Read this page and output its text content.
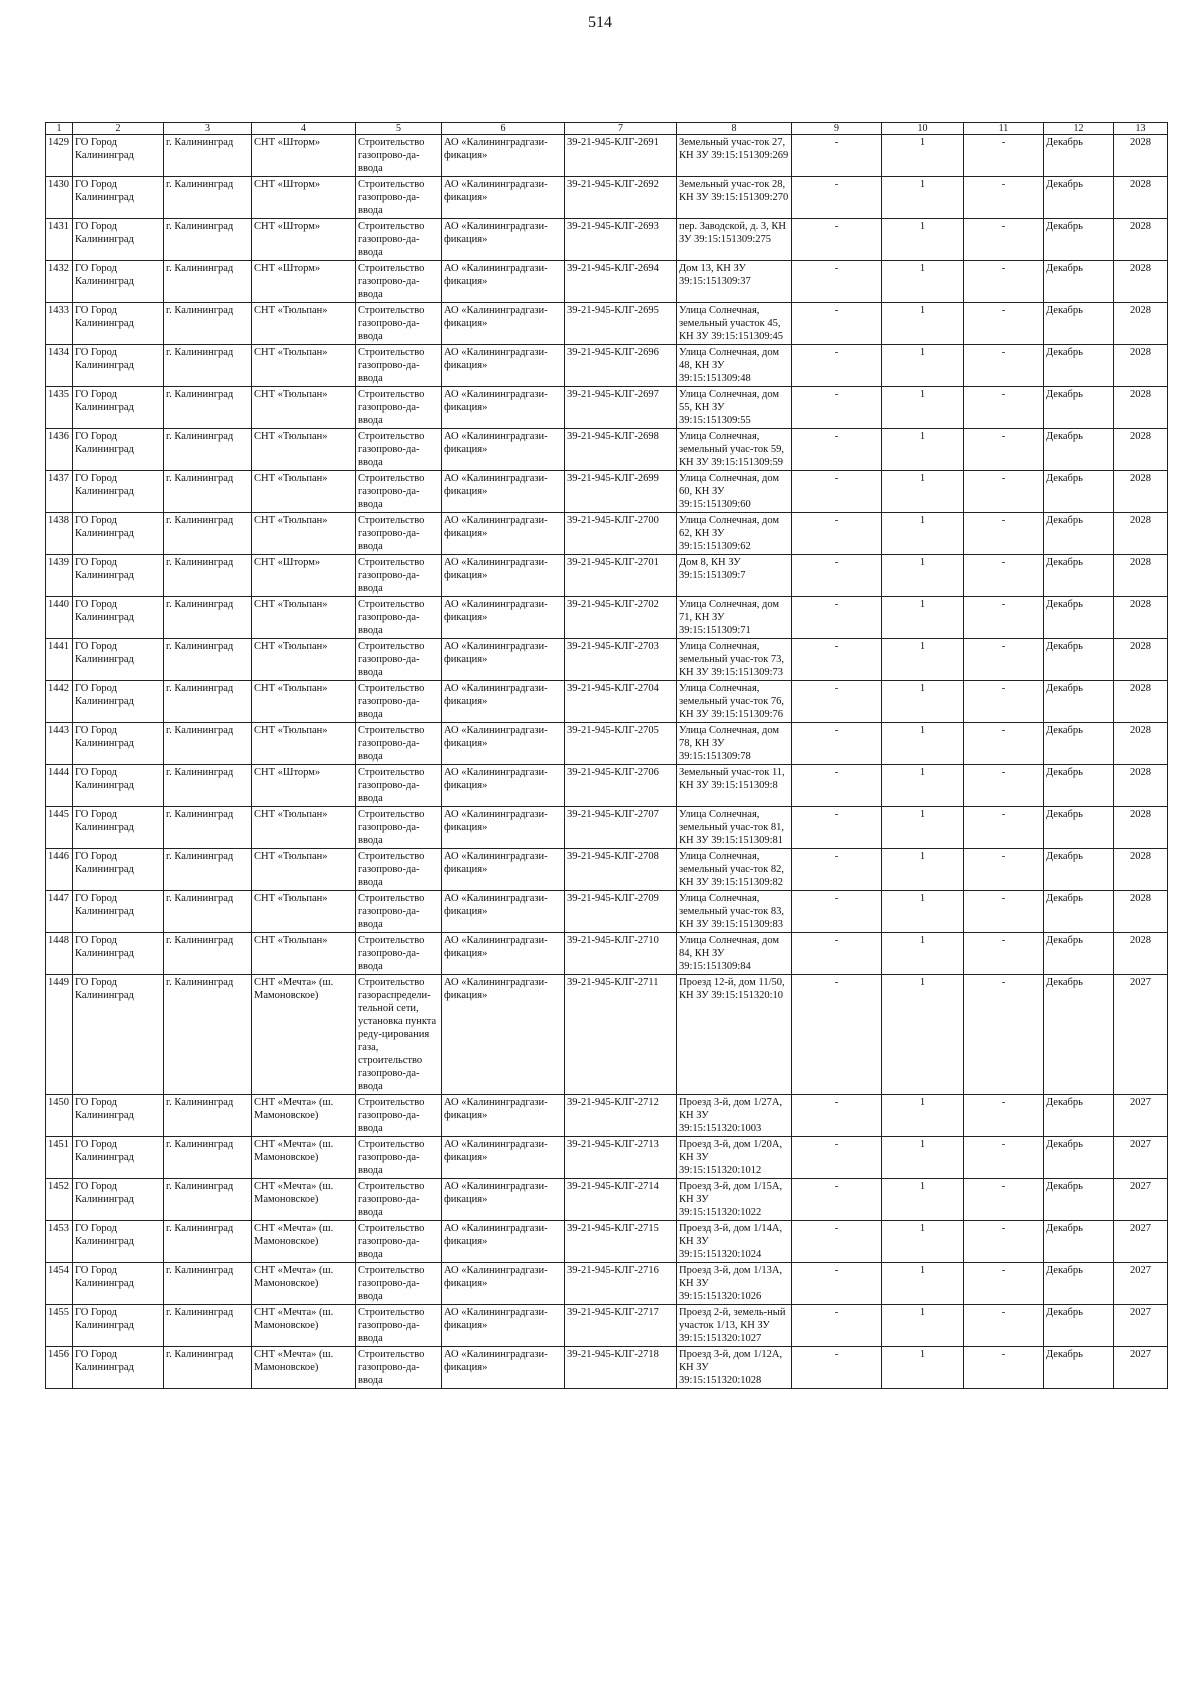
514
1	2	3	4	5	6	7	8	9	10	11	12	13
1429	ГО Город Калининград	г. Калининград	СНТ «Шторм»	Строительство газопрово-да-ввода	АО «Калининградгази-фикация»	39-21-945-КЛГ-2691	Земельный учас-ток 27, КН ЗУ 39:15:151309:269	-	1	-	Декабрь	2028
1430	ГО Город Калининград	г. Калининград	СНТ «Шторм»	Строительство газопрово-да-ввода	АО «Калининградгази-фикация»	39-21-945-КЛГ-2692	Земельный учас-ток 28, КН ЗУ 39:15:151309:270	-	1	-	Декабрь	2028
1431	ГО Город Калининград	г. Калининград	СНТ «Шторм»	Строительство газопрово-да-ввода	АО «Калининградгази-фикация»	39-21-945-КЛГ-2693	пер. Заводской, д. 3, КН ЗУ 39:15:151309:275	-	1	-	Декабрь	2028
1432	ГО Город Калининград	г. Калининград	СНТ «Шторм»	Строительство газопрово-да-ввода	АО «Калининградгази-фикация»	39-21-945-КЛГ-2694	Дом 13, КН ЗУ 39:15:151309:37	-	1	-	Декабрь	2028
1433	ГО Город Калининград	г. Калининград	СНТ «Тюльпан»	Строительство газопрово-да-ввода	АО «Калининградгази-фикация»	39-21-945-КЛГ-2695	Улица Солнечная, земельный участок 45, КН ЗУ 39:15:151309:45	-	1	-	Декабрь	2028
1434	ГО Город Калининград	г. Калининград	СНТ «Тюльпан»	Строительство газопрово-да-ввода	АО «Калининградгази-фикация»	39-21-945-КЛГ-2696	Улица Солнечная, дом 48, КН ЗУ 39:15:151309:48	-	1	-	Декабрь	2028
1435	ГО Город Калининград	г. Калининград	СНТ «Тюльпан»	Строительство газопрово-да-ввода	АО «Калининградгази-фикация»	39-21-945-КЛГ-2697	Улица Солнечная, дом 55, КН ЗУ 39:15:151309:55	-	1	-	Декабрь	2028
1436	ГО Город Калининград	г. Калининград	СНТ «Тюльпан»	Строительство газопрово-да-ввода	АО «Калининградгази-фикация»	39-21-945-КЛГ-2698	Улица Солнечная, земельный учас-ток 59, КН ЗУ 39:15:151309:59	-	1	-	Декабрь	2028
1437	ГО Город Калининград	г. Калининград	СНТ «Тюльпан»	Строительство газопрово-да-ввода	АО «Калининградгази-фикация»	39-21-945-КЛГ-2699	Улица Солнечная, дом 60, КН ЗУ 39:15:151309:60	-	1	-	Декабрь	2028
1438	ГО Город Калининград	г. Калининград	СНТ «Тюльпан»	Строительство газопрово-да-ввода	АО «Калининградгази-фикация»	39-21-945-КЛГ-2700	Улица Солнечная, дом 62, КН ЗУ 39:15:151309:62	-	1	-	Декабрь	2028
1439	ГО Город Калининград	г. Калининград	СНТ «Шторм»	Строительство газопрово-да-ввода	АО «Калининградгази-фикация»	39-21-945-КЛГ-2701	Дом 8, КН ЗУ 39:15:151309:7	-	1	-	Декабрь	2028
1440	ГО Город Калининград	г. Калининград	СНТ «Тюльпан»	Строительство газопрово-да-ввода	АО «Калининградгази-фикация»	39-21-945-КЛГ-2702	Улица Солнечная, дом 71, КН ЗУ 39:15:151309:71	-	1	-	Декабрь	2028
1441	ГО Город Калининград	г. Калининград	СНТ «Тюльпан»	Строительство газопрово-да-ввода	АО «Калининградгази-фикация»	39-21-945-КЛГ-2703	Улица Солнечная, земельный учас-ток 73, КН ЗУ 39:15:151309:73	-	1	-	Декабрь	2028
1442	ГО Город Калининград	г. Калининград	СНТ «Тюльпан»	Строительство газопрово-да-ввода	АО «Калининградгази-фикация»	39-21-945-КЛГ-2704	Улица Солнечная, земельный учас-ток 76, КН ЗУ 39:15:151309:76	-	1	-	Декабрь	2028
1443	ГО Город Калининград	г. Калининград	СНТ «Тюльпан»	Строительство газопрово-да-ввода	АО «Калининградгази-фикация»	39-21-945-КЛГ-2705	Улица Солнечная, дом 78, КН ЗУ 39:15:151309:78	-	1	-	Декабрь	2028
1444	ГО Город Калининград	г. Калининград	СНТ «Шторм»	Строительство газопрово-да-ввода	АО «Калининградгази-фикация»	39-21-945-КЛГ-2706	Земельный учас-ток 11, КН ЗУ 39:15:151309:8	-	1	-	Декабрь	2028
1445	ГО Город Калининград	г. Калининград	СНТ «Тюльпан»	Строительство газопрово-да-ввода	АО «Калининградгази-фикация»	39-21-945-КЛГ-2707	Улица Солнечная, земельный учас-ток 81, КН ЗУ 39:15:151309:81	-	1	-	Декабрь	2028
1446	ГО Город Калининград	г. Калининград	СНТ «Тюльпан»	Строительство газопрово-да-ввода	АО «Калининградгази-фикация»	39-21-945-КЛГ-2708	Улица Солнечная, земельный учас-ток 82, КН ЗУ 39:15:151309:82	-	1	-	Декабрь	2028
1447	ГО Город Калининград	г. Калининград	СНТ «Тюльпан»	Строительство газопрово-да-ввода	АО «Калининградгази-фикация»	39-21-945-КЛГ-2709	Улица Солнечная, земельный учас-ток 83, КН ЗУ 39:15:151309:83	-	1	-	Декабрь	2028
1448	ГО Город Калининград	г. Калининград	СНТ «Тюльпан»	Строительство газопрово-да-ввода	АО «Калининградгази-фикация»	39-21-945-КЛГ-2710	Улица Солнечная, дом 84, КН ЗУ 39:15:151309:84	-	1	-	Декабрь	2028
1449	ГО Город Калининград	г. Калининград	СНТ «Мечта» (ш. Мамоновское)	Строительство газораспредели-тельной сети, установка пункта реду-цирования газа, строительство газопрово-да-ввода	АО «Калининградгази-фикация»	39-21-945-КЛГ-2711	Проезд 12-й, дом 11/50, КН ЗУ 39:15:151320:10	-	1	-	Декабрь	2027
1450	ГО Город Калининград	г. Калининград	СНТ «Мечта» (ш. Мамоновское)	Строительство газопрово-да-ввода	АО «Калининградгази-фикация»	39-21-945-КЛГ-2712	Проезд 3-й, дом 1/27А, КН ЗУ 39:15:151320:1003	-	1	-	Декабрь	2027
1451	ГО Город Калининград	г. Калининград	СНТ «Мечта» (ш. Мамоновское)	Строительство газопрово-да-ввода	АО «Калининградгази-фикация»	39-21-945-КЛГ-2713	Проезд 3-й, дом 1/20А, КН ЗУ 39:15:151320:1012	-	1	-	Декабрь	2027
1452	ГО Город Калининград	г. Калининград	СНТ «Мечта» (ш. Мамоновское)	Строительство газопрово-да-ввода	АО «Калининградгази-фикация»	39-21-945-КЛГ-2714	Проезд 3-й, дом 1/15А, КН ЗУ 39:15:151320:1022	-	1	-	Декабрь	2027
1453	ГО Город Калининград	г. Калининград	СНТ «Мечта» (ш. Мамоновское)	Строительство газопрово-да-ввода	АО «Калининградгази-фикация»	39-21-945-КЛГ-2715	Проезд 3-й, дом 1/14А, КН ЗУ 39:15:151320:1024	-	1	-	Декабрь	2027
1454	ГО Город Калининград	г. Калининград	СНТ «Мечта» (ш. Мамоновское)	Строительство газопрово-да-ввода	АО «Калининградгази-фикация»	39-21-945-КЛГ-2716	Проезд 3-й, дом 1/13А, КН ЗУ 39:15:151320:1026	-	1	-	Декабрь	2027
1455	ГО Город Калининград	г. Калининград	СНТ «Мечта» (ш. Мамоновское)	Строительство газопрово-да-ввода	АО «Калининградгази-фикация»	39-21-945-КЛГ-2717	Проезд 2-й, земель-ный участок 1/13, КН ЗУ 39:15:151320:1027	-	1	-	Декабрь	2027
1456	ГО Город Калининград	г. Калининград	СНТ «Мечта» (ш. Мамоновское)	Строительство газопрово-да-ввода	АО «Калининградгази-фикация»	39-21-945-КЛГ-2718	Проезд 3-й, дом 1/12А, КН ЗУ 39:15:151320:1028	-	1	-	Декабрь	2027
